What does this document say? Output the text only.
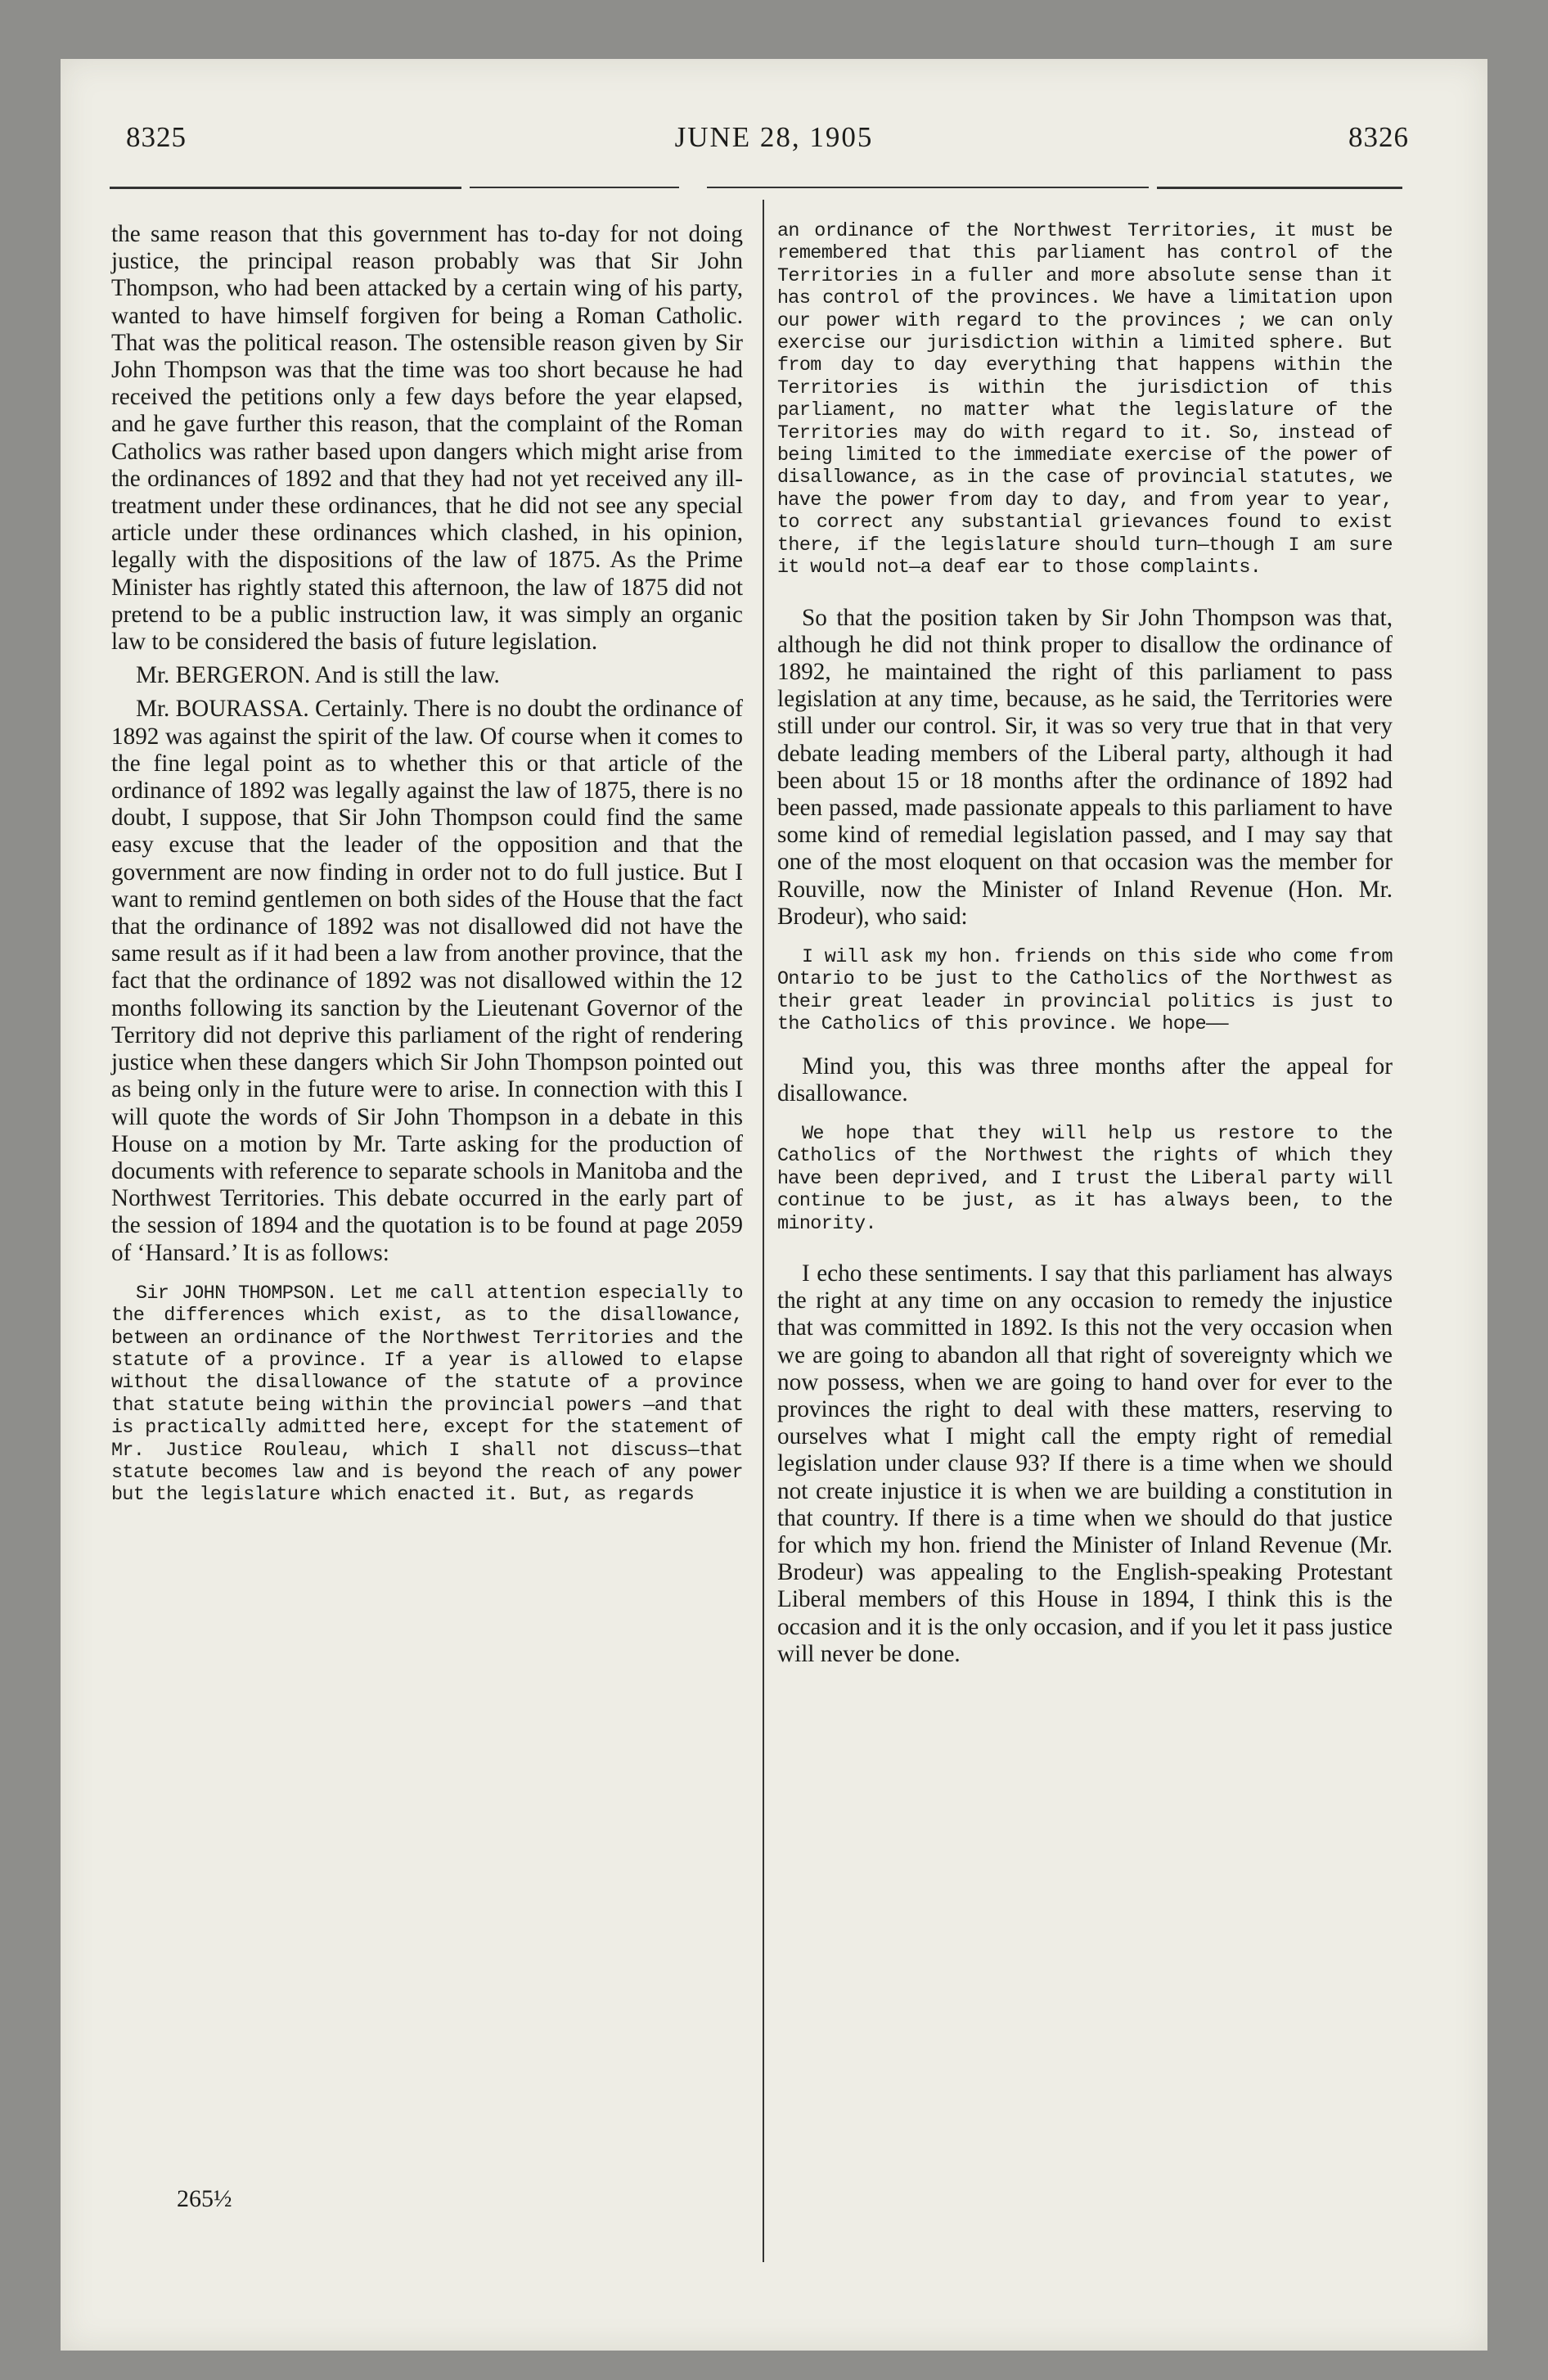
8325	JUNE 28, 1905	8326

the same reason that this government has to-day for not doing justice, the principal reason probably was that Sir John Thompson, who had been attacked by a certain wing of his party, wanted to have himself forgiven for being a Roman Catholic. That was the political reason. The ostensible reason given by Sir John Thompson was that the time was too short because he had received the petitions only a few days before the year elapsed, and he gave further this reason, that the complaint of the Roman Catholics was rather based upon dangers which might arise from the ordinances of 1892 and that they had not yet received any ill-treatment under these ordinances, that he did not see any special article under these ordinances which clashed, in his opinion, legally with the dispositions of the law of 1875. As the Prime Minister has rightly stated this afternoon, the law of 1875 did not pretend to be a public instruction law, it was simply an organic law to be considered the basis of future legislation.

Mr. BERGERON. And is still the law.

Mr. BOURASSA. Certainly. There is no doubt the ordinance of 1892 was against the spirit of the law. Of course when it comes to the fine legal point as to whether this or that article of the ordinance of 1892 was legally against the law of 1875, there is no doubt, I suppose, that Sir John Thompson could find the same easy excuse that the leader of the opposition and that the government are now finding in order not to do full justice. But I want to remind gentlemen on both sides of the House that the fact that the ordinance of 1892 was not disallowed did not have the same result as if it had been a law from another province, that the fact that the ordinance of 1892 was not disallowed within the 12 months following its sanction by the Lieutenant Governor of the Territory did not deprive this parliament of the right of rendering justice when these dangers which Sir John Thompson pointed out as being only in the future were to arise. In connection with this I will quote the words of Sir John Thompson in a debate in this House on a motion by Mr. Tarte asking for the production of documents with reference to separate schools in Manitoba and the Northwest Territories. This debate occurred in the early part of the session of 1894 and the quotation is to be found at page 2059 of ‘Hansard.’ It is as follows:

Sir JOHN THOMPSON. Let me call attention especially to the differences which exist, as to the disallowance, between an ordinance of the Northwest Territories and the statute of a province. If a year is allowed to elapse without the disallowance of the statute of a province that statute being within the provincial powers —and that is practically admitted here, except for the statement of Mr. Justice Rouleau, which I shall not discuss—that statute becomes law and is beyond the reach of any power but the legislature which enacted it. But, as regards

265½

an ordinance of the Northwest Territories, it must be remembered that this parliament has control of the Territories in a fuller and more absolute sense than it has control of the provinces. We have a limitation upon our power with regard to the provinces ; we can only exercise our jurisdiction within a limited sphere. But from day to day everything that happens within the Territories is within the jurisdiction of this parliament, no matter what the legislature of the Territories may do with regard to it. So, instead of being limited to the immediate exercise of the power of disallowance, as in the case of provincial statutes, we have the power from day to day, and from year to year, to correct any substantial grievances found to exist there, if the legislature should turn—though I am sure it would not—a deaf ear to those complaints.

So that the position taken by Sir John Thompson was that, although he did not think proper to disallow the ordinance of 1892, he maintained the right of this parliament to pass legislation at any time, because, as he said, the Territories were still under our control. Sir, it was so very true that in that very debate leading members of the Liberal party, although it had been about 15 or 18 months after the ordinance of 1892 had been passed, made passionate appeals to this parliament to have some kind of remedial legislation passed, and I may say that one of the most eloquent on that occasion was the member for Rouville, now the Minister of Inland Revenue (Hon. Mr. Brodeur), who said:

I will ask my hon. friends on this side who come from Ontario to be just to the Catholics of the Northwest as their great leader in provincial politics is just to the Catholics of this province. We hope——

Mind you, this was three months after the appeal for disallowance.

We hope that they will help us restore to the Catholics of the Northwest the rights of which they have been deprived, and I trust the Liberal party will continue to be just, as it has always been, to the minority.

I echo these sentiments. I say that this parliament has always the right at any time on any occasion to remedy the injustice that was committed in 1892. Is this not the very occasion when we are going to abandon all that right of sovereignty which we now possess, when we are going to hand over for ever to the provinces the right to deal with these matters, reserving to ourselves what I might call the empty right of remedial legislation under clause 93? If there is a time when we should not create injustice it is when we are building a constitution in that country. If there is a time when we should do that justice for which my hon. friend the Minister of Inland Revenue (Mr. Brodeur) was appealing to the English-speaking Protestant Liberal members of this House in 1894, I think this is the occasion and it is the only occasion, and if you let it pass justice will never be done.
